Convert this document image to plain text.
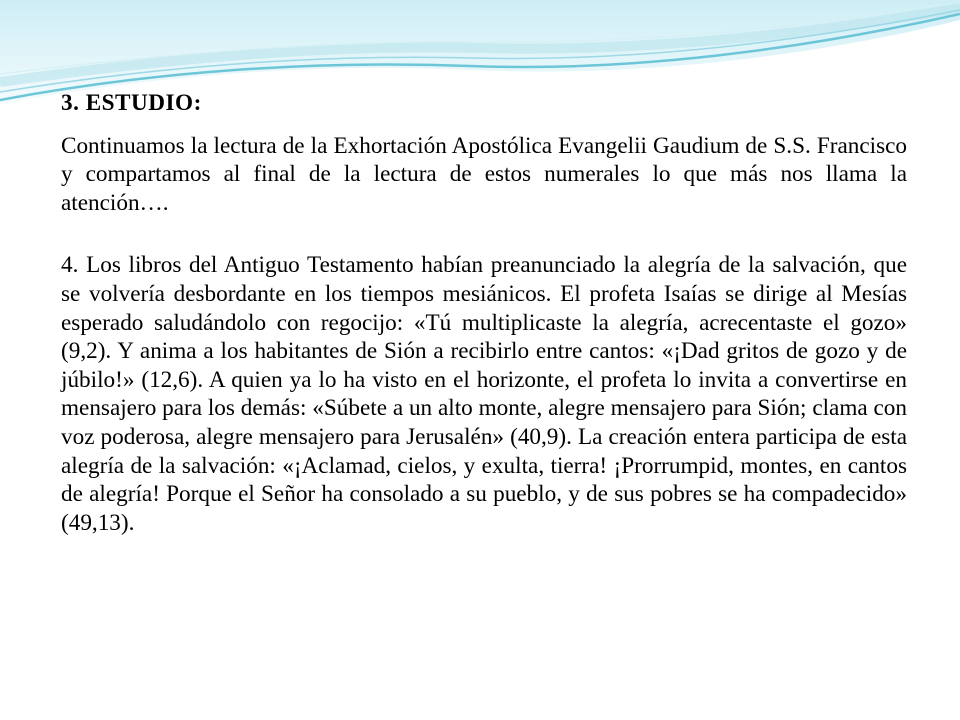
3. ESTUDIO:

Continuamos la lectura de la Exhortación Apostólica Evangelii Gaudium de S.S. Francisco y compartamos al final de la lectura de estos numerales lo que más nos llama la atención….

4. Los libros del Antiguo Testamento habían preanunciado la alegría de la salvación, que se volvería desbordante en los tiempos mesiánicos. El profeta Isaías se dirige al Mesías esperado saludándolo con regocijo: «Tú multiplicaste la alegría, acrecentaste el gozo» (9,2). Y anima a los habitantes de Sión a recibirlo entre cantos: «¡Dad gritos de gozo y de júbilo!» (12,6). A quien ya lo ha visto en el horizonte, el profeta lo invita a convertirse en mensajero para los demás: «Súbete a un alto monte, alegre mensajero para Sión; clama con voz poderosa, alegre mensajero para Jerusalén» (40,9). La creación entera participa de esta alegría de la salvación: «¡Aclamad, cielos, y exulta, tierra! ¡Prorrumpid, montes, en cantos de alegría! Porque el Señor ha consolado a su pueblo, y de sus pobres se ha compadecido» (49,13).
